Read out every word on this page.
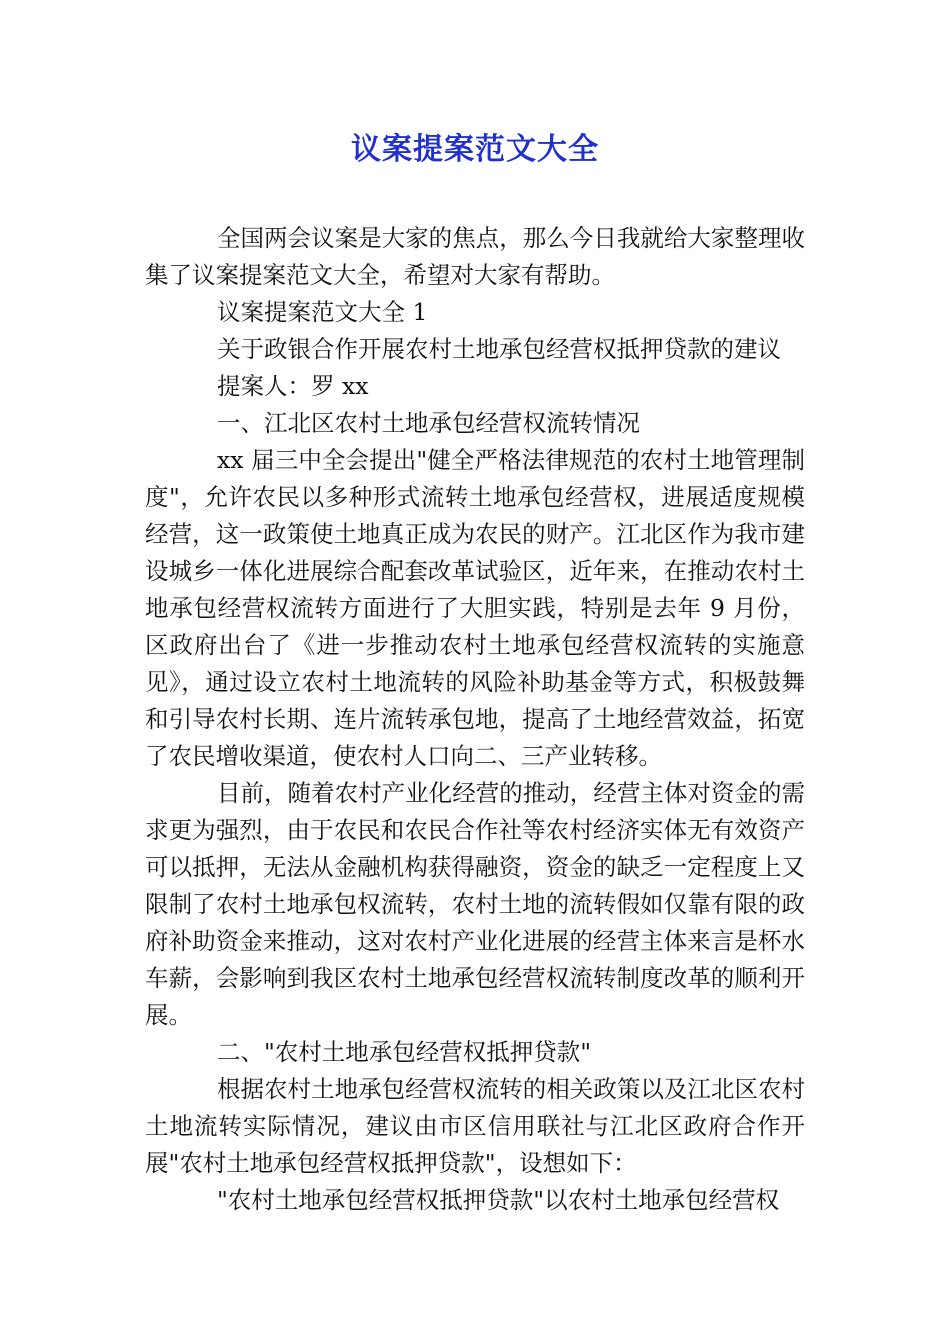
议案提案范文大全

全国两会议案是大家的焦点，那么今日我就给大家整理收集了议案提案范文大全，希望对大家有帮助。

议案提案范文大全 1

关于政银合作开展农村土地承包经营权抵押贷款的建议

提案人：罗 xx

一、江北区农村土地承包经营权流转情况

xx 届三中全会提出"健全严格法律规范的农村土地管理制度"，允许农民以多种形式流转土地承包经营权，进展适度规模经营，这一政策使土地真正成为农民的财产。江北区作为我市建设城乡一体化进展综合配套改革试验区，近年来，在推动农村土地承包经营权流转方面进行了大胆实践，特别是去年 9 月份，区政府出台了《进一步推动农村土地承包经营权流转的实施意见》，通过设立农村土地流转的风险补助基金等方式，积极鼓舞和引导农村长期、连片流转承包地，提高了土地经营效益，拓宽了农民增收渠道，使农村人口向二、三产业转移。

目前，随着农村产业化经营的推动，经营主体对资金的需求更为强烈，由于农民和农民合作社等农村经济实体无有效资产可以抵押，无法从金融机构获得融资，资金的缺乏一定程度上又限制了农村土地承包权流转，农村土地的流转假如仅靠有限的政府补助资金来推动，这对农村产业化进展的经营主体来言是杯水车薪，会影响到我区农村土地承包经营权流转制度改革的顺利开展。

二、"农村土地承包经营权抵押贷款"

根据农村土地承包经营权流转的相关政策以及江北区农村土地流转实际情况，建议由市区信用联社与江北区政府合作开展"农村土地承包经营权抵押贷款"，设想如下：

"农村土地承包经营权抵押贷款"以农村土地承包经营权
